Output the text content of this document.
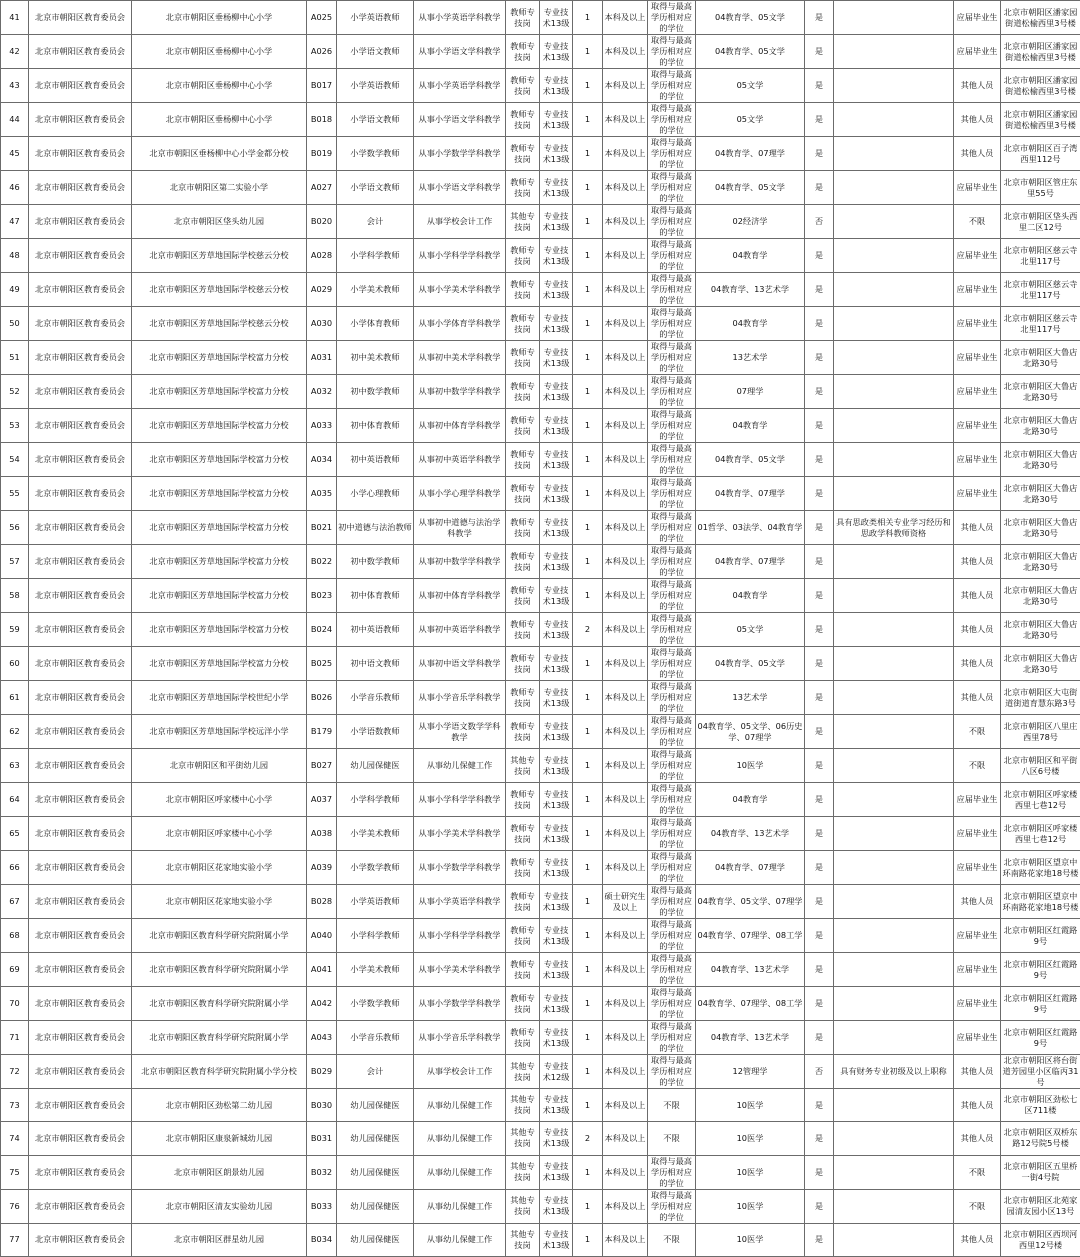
41	北京市朝阳区教育委员会	北京市朝阳区垂杨柳中心小学	A025	小学英语教师	从事小学英语学科教学	教师专技岗	专业技术13级	1	本科及以上	取得与最高学历相对应的学位	04教育学、05文学	是		应届毕业生	北京市朝阳区潘家园街道松榆西里3号楼
42	北京市朝阳区教育委员会	北京市朝阳区垂杨柳中心小学	A026	小学语文教师	从事小学语文学科教学	教师专技岗	专业技术13级	1	本科及以上	取得与最高学历相对应的学位	04教育学、05文学	是		应届毕业生	北京市朝阳区潘家园街道松榆西里3号楼
43	北京市朝阳区教育委员会	北京市朝阳区垂杨柳中心小学	B017	小学英语教师	从事小学英语学科教学	教师专技岗	专业技术13级	1	本科及以上	取得与最高学历相对应的学位	05文学	是		其他人员	北京市朝阳区潘家园街道松榆西里3号楼
44	北京市朝阳区教育委员会	北京市朝阳区垂杨柳中心小学	B018	小学语文教师	从事小学语文学科教学	教师专技岗	专业技术13级	1	本科及以上	取得与最高学历相对应的学位	05文学	是		其他人员	北京市朝阳区潘家园街道松榆西里3号楼
45	北京市朝阳区教育委员会	北京市朝阳区垂杨柳中心小学金都分校	B019	小学数学教师	从事小学数学学科教学	教师专技岗	专业技术13级	1	本科及以上	取得与最高学历相对应的学位	04教育学、07理学	是		其他人员	北京市朝阳区百子湾西里112号
46	北京市朝阳区教育委员会	北京市朝阳区第二实验小学	A027	小学语文教师	从事小学语文学科教学	教师专技岗	专业技术13级	1	本科及以上	取得与最高学历相对应的学位	04教育学、05文学	是		应届毕业生	北京市朝阳区管庄东里55号
47	北京市朝阳区教育委员会	北京市朝阳区垡头幼儿园	B020	会计	从事学校会计工作	其他专技岗	专业技术13级	1	本科及以上	取得与最高学历相对应的学位	02经济学	否		不限	北京市朝阳区垡头西里二区12号
48	北京市朝阳区教育委员会	北京市朝阳区芳草地国际学校慈云分校	A028	小学科学教师	从事小学科学学科教学	教师专技岗	专业技术13级	1	本科及以上	取得与最高学历相对应的学位	04教育学	是		应届毕业生	北京市朝阳区慈云寺北里117号
49	北京市朝阳区教育委员会	北京市朝阳区芳草地国际学校慈云分校	A029	小学美术教师	从事小学美术学科教学	教师专技岗	专业技术13级	1	本科及以上	取得与最高学历相对应的学位	04教育学、13艺术学	是		应届毕业生	北京市朝阳区慈云寺北里117号
50	北京市朝阳区教育委员会	北京市朝阳区芳草地国际学校慈云分校	A030	小学体育教师	从事小学体育学科教学	教师专技岗	专业技术13级	1	本科及以上	取得与最高学历相对应的学位	04教育学	是		应届毕业生	北京市朝阳区慈云寺北里117号
51	北京市朝阳区教育委员会	北京市朝阳区芳草地国际学校富力分校	A031	初中美术教师	从事初中美术学科教学	教师专技岗	专业技术13级	1	本科及以上	取得与最高学历相对应的学位	13艺术学	是		应届毕业生	北京市朝阳区大鲁店北路30号
52	北京市朝阳区教育委员会	北京市朝阳区芳草地国际学校富力分校	A032	初中数学教师	从事初中数学学科教学	教师专技岗	专业技术13级	1	本科及以上	取得与最高学历相对应的学位	07理学	是		应届毕业生	北京市朝阳区大鲁店北路30号
53	北京市朝阳区教育委员会	北京市朝阳区芳草地国际学校富力分校	A033	初中体育教师	从事初中体育学科教学	教师专技岗	专业技术13级	1	本科及以上	取得与最高学历相对应的学位	04教育学	是		应届毕业生	北京市朝阳区大鲁店北路30号
54	北京市朝阳区教育委员会	北京市朝阳区芳草地国际学校富力分校	A034	初中英语教师	从事初中英语学科教学	教师专技岗	专业技术13级	1	本科及以上	取得与最高学历相对应的学位	04教育学、05文学	是		应届毕业生	北京市朝阳区大鲁店北路30号
55	北京市朝阳区教育委员会	北京市朝阳区芳草地国际学校富力分校	A035	小学心理教师	从事小学心理学科教学	教师专技岗	专业技术13级	1	本科及以上	取得与最高学历相对应的学位	04教育学、07理学	是		应届毕业生	北京市朝阳区大鲁店北路30号
56	北京市朝阳区教育委员会	北京市朝阳区芳草地国际学校富力分校	B021	初中道德与法治教师	从事初中道德与法治学科教学	教师专技岗	专业技术13级	1	本科及以上	取得与最高学历相对应的学位	01哲学、03法学、04教育学	是	具有思政类相关专业学习经历和思政学科教师资格	其他人员	北京市朝阳区大鲁店北路30号
57	北京市朝阳区教育委员会	北京市朝阳区芳草地国际学校富力分校	B022	初中数学教师	从事初中数学学科教学	教师专技岗	专业技术13级	1	本科及以上	取得与最高学历相对应的学位	04教育学、07理学	是		其他人员	北京市朝阳区大鲁店北路30号
58	北京市朝阳区教育委员会	北京市朝阳区芳草地国际学校富力分校	B023	初中体育教师	从事初中体育学科教学	教师专技岗	专业技术13级	1	本科及以上	取得与最高学历相对应的学位	04教育学	是		其他人员	北京市朝阳区大鲁店北路30号
59	北京市朝阳区教育委员会	北京市朝阳区芳草地国际学校富力分校	B024	初中英语教师	从事初中英语学科教学	教师专技岗	专业技术13级	2	本科及以上	取得与最高学历相对应的学位	05文学	是		其他人员	北京市朝阳区大鲁店北路30号
60	北京市朝阳区教育委员会	北京市朝阳区芳草地国际学校富力分校	B025	初中语文教师	从事初中语文学科教学	教师专技岗	专业技术13级	1	本科及以上	取得与最高学历相对应的学位	04教育学、05文学	是		其他人员	北京市朝阳区大鲁店北路30号
61	北京市朝阳区教育委员会	北京市朝阳区芳草地国际学校世纪小学	B026	小学音乐教师	从事小学音乐学科教学	教师专技岗	专业技术13级	1	本科及以上	取得与最高学历相对应的学位	13艺术学	是		其他人员	北京市朝阳区大屯街道街道育慧东路3号
62	北京市朝阳区教育委员会	北京市朝阳区芳草地国际学校远洋小学	B179	小学语数教师	从事小学语文数学学科教学	教师专技岗	专业技术13级	1	本科及以上	取得与最高学历相对应的学位	04教育学、05文学、06历史学、07理学	是		不限	北京市朝阳区八里庄西里78号
63	北京市朝阳区教育委员会	北京市朝阳区和平街幼儿园	B027	幼儿园保健医	从事幼儿保健工作	其他专技岗	专业技术13级	1	本科及以上	取得与最高学历相对应的学位	10医学	是		不限	北京市朝阳区和平街八区6号楼
64	北京市朝阳区教育委员会	北京市朝阳区呼家楼中心小学	A037	小学科学教师	从事小学科学学科教学	教师专技岗	专业技术13级	1	本科及以上	取得与最高学历相对应的学位	04教育学	是		应届毕业生	北京市朝阳区呼家楼西里七巷12号
65	北京市朝阳区教育委员会	北京市朝阳区呼家楼中心小学	A038	小学美术教师	从事小学美术学科教学	教师专技岗	专业技术13级	1	本科及以上	取得与最高学历相对应的学位	04教育学、13艺术学	是		应届毕业生	北京市朝阳区呼家楼西里七巷12号
66	北京市朝阳区教育委员会	北京市朝阳区花家地实验小学	A039	小学数学教师	从事小学数学学科教学	教师专技岗	专业技术13级	1	本科及以上	取得与最高学历相对应的学位	04教育学、07理学	是		应届毕业生	北京市朝阳区望京中环南路花家地18号楼
67	北京市朝阳区教育委员会	北京市朝阳区花家地实验小学	B028	小学英语教师	从事小学英语学科教学	教师专技岗	专业技术13级	1	硕士研究生及以上	取得与最高学历相对应的学位	04教育学、05文学、07理学	是		其他人员	北京市朝阳区望京中环南路花家地18号楼
68	北京市朝阳区教育委员会	北京市朝阳区教育科学研究院附属小学	A040	小学科学教师	从事小学科学学科教学	教师专技岗	专业技术13级	1	本科及以上	取得与最高学历相对应的学位	04教育学、07理学、08工学	是		应届毕业生	北京市朝阳区红霞路9号
69	北京市朝阳区教育委员会	北京市朝阳区教育科学研究院附属小学	A041	小学美术教师	从事小学美术学科教学	教师专技岗	专业技术13级	1	本科及以上	取得与最高学历相对应的学位	04教育学、13艺术学	是		应届毕业生	北京市朝阳区红霞路9号
70	北京市朝阳区教育委员会	北京市朝阳区教育科学研究院附属小学	A042	小学数学教师	从事小学数学学科教学	教师专技岗	专业技术13级	1	本科及以上	取得与最高学历相对应的学位	04教育学、07理学、08工学	是		应届毕业生	北京市朝阳区红霞路9号
71	北京市朝阳区教育委员会	北京市朝阳区教育科学研究院附属小学	A043	小学音乐教师	从事小学音乐学科教学	教师专技岗	专业技术13级	1	本科及以上	取得与最高学历相对应的学位	04教育学、13艺术学	是		应届毕业生	北京市朝阳区红霞路9号
72	北京市朝阳区教育委员会	北京市朝阳区教育科学研究院附属小学分校	B029	会计	从事学校会计工作	其他专技岗	专业技术12级	1	本科及以上	取得与最高学历相对应的学位	12管理学	否	具有财务专业初级及以上职称	其他人员	北京市朝阳区将台街道芳园里小区临丙31号
73	北京市朝阳区教育委员会	北京市朝阳区劲松第二幼儿园	B030	幼儿园保健医	从事幼儿保健工作	其他专技岗	专业技术13级	1	本科及以上	不限	10医学	是		其他人员	北京市朝阳区劲松七区711楼
74	北京市朝阳区教育委员会	北京市朝阳区康泉新城幼儿园	B031	幼儿园保健医	从事幼儿保健工作	其他专技岗	专业技术13级	2	本科及以上	不限	10医学	是		其他人员	北京市朝阳区双桥东路12号院5号楼
75	北京市朝阳区教育委员会	北京市朝阳区朗景幼儿园	B032	幼儿园保健医	从事幼儿保健工作	其他专技岗	专业技术13级	1	本科及以上	取得与最高学历相对应的学位	10医学	是		不限	北京市朝阳区五里桥一街4号院
76	北京市朝阳区教育委员会	北京市朝阳区清友实验幼儿园	B033	幼儿园保健医	从事幼儿保健工作	其他专技岗	专业技术13级	1	本科及以上	取得与最高学历相对应的学位	10医学	是		不限	北京市朝阳区北苑家园清友园小区13号
77	北京市朝阳区教育委员会	北京市朝阳区群星幼儿园	B034	幼儿园保健医	从事幼儿保健工作	其他专技岗	专业技术13级	1	本科及以上	不限	10医学	是		其他人员	北京市朝阳区西坝河西里12号楼
